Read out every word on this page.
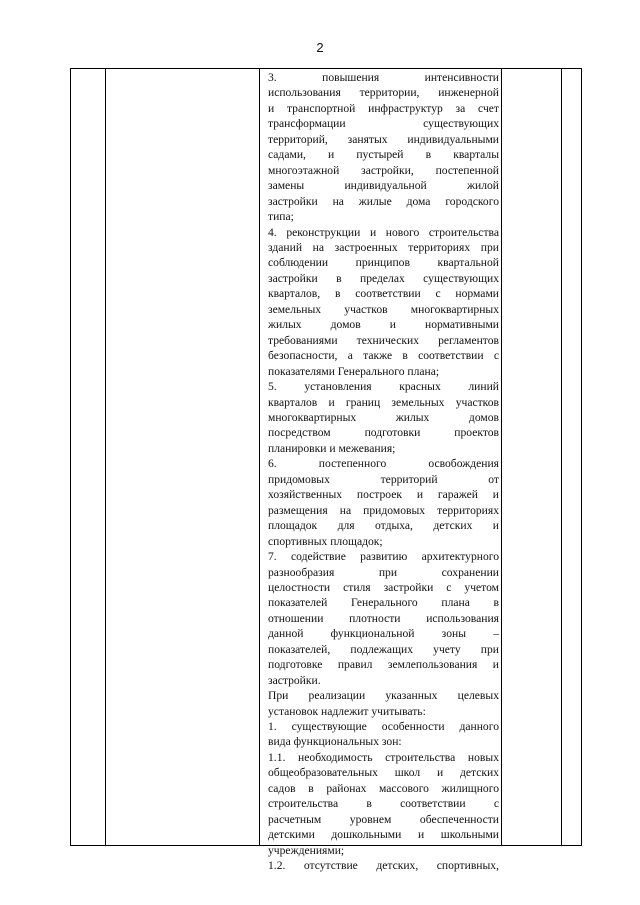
2
3. повышения интенсивности
использования территории, инженерной
и транспортной инфраструктур за счет
трансформации существующих
территорий, занятых индивидуальными
садами, и пустырей в кварталы
многоэтажной застройки, постепенной
замены индивидуальной жилой
застройки на жилые дома городского
типа;
4. реконструкции и нового строительства
зданий на застроенных территориях при
соблюдении принципов квартальной
застройки в пределах существующих
кварталов, в соответствии с нормами
земельных участков многоквартирных
жилых домов и нормативными
требованиями технических регламентов
безопасности, а также в соответствии с
показателями Генерального плана;
5. установления красных линий
кварталов и границ земельных участков
многоквартирных жилых домов
посредством подготовки проектов
планировки и межевания;
6. постепенного освобождения
придомовых территорий от
хозяйственных построек и гаражей и
размещения на придомовых территориях
площадок для отдыха, детских и
спортивных площадок;
7. содействие развитию архитектурного
разнообразия при сохранении
целостности стиля застройки с учетом
показателей Генерального плана в
отношении плотности использования
данной функциональной зоны –
показателей, подлежащих учету при
подготовке правил землепользования и
застройки.
При реализации указанных целевых
установок надлежит учитывать:
1. существующие особенности данного
вида функциональных зон:
1.1. необходимость строительства новых
общеобразовательных школ и детских
садов в районах массового жилищного
строительства в соответствии с
расчетным уровнем обеспеченности
детскими дошкольными и школьными
учреждениями;
1.2. отсутствие детских, спортивных,
